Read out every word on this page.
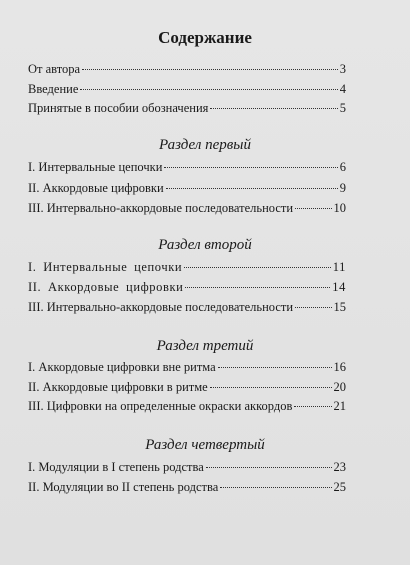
Содержание
От автора	3
Введение	4
Принятые в пособии обозначения	5
Раздел первый
I. Интервальные цепочки	6
II. Аккордовые цифровки	9
III. Интервально-аккордовые последовательности	10
Раздел второй
I. Интервальные цепочки	11
II. Аккордовые цифровки	14
III. Интервально-аккордовые последовательности	15
Раздел третий
I. Аккордовые цифровки вне ритма	16
II. Аккордовые цифровки в ритме	20
III. Цифровки на определенные окраски аккордов	21
Раздел четвертый
I. Модуляции в I степень родства	23
II. Модуляции во II степень родства	25
